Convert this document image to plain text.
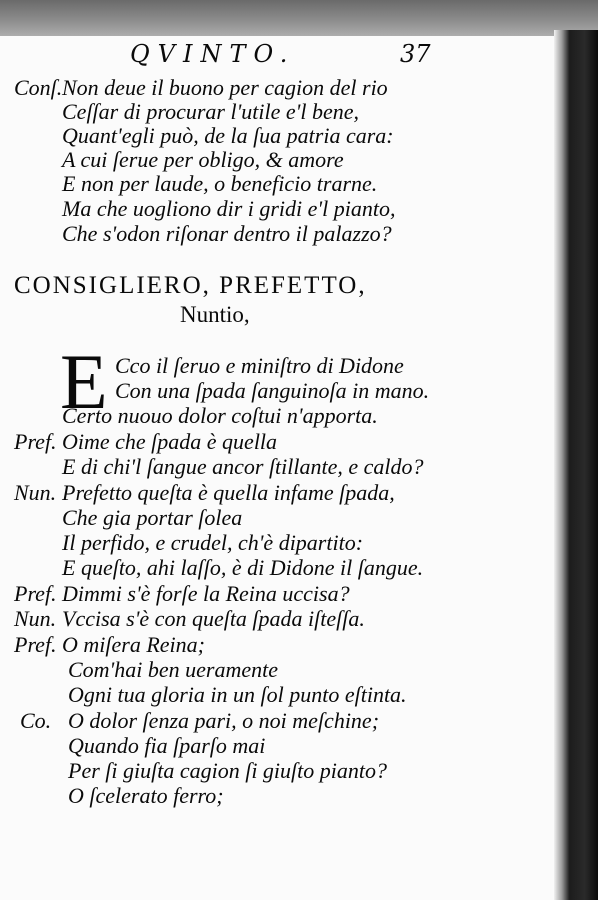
QVINTO.	37
Conſ. Non deue il buono per cagion del rio
Ceſſar di procurar l'utile e'l bene,
Quant'egli può, de la ſua patria cara:
A cui ſerue per obligo, & amore
E non per laude, o beneficio trarne.
Ma che uogliono dir i gridi e'l pianto,
Che s'odon riſonar dentro il palazzo?
CONSIGLIERO, PREFETTO,
Nuntio,
E Cco il ſeruo e miniſtro di Didone
Con una ſpada ſanguinoſa in mano.
Certo nuouo dolor coſtui n'apporta.
Pref. Oime che ſpada è quella
E di chi'l ſangue ancor ſtillante, e caldo?
Nun. Prefetto queſta è quella infame ſpada,
Che gia portar ſolea
Il perfido, e crudel, ch'è dipartito:
E queſto, ahi laſſo, è di Didone il ſangue.
Pref. Dimmi s'è forſe la Reina uccisa?
Nun. Vccisa s'è con queſta ſpada iſteſſa.
Pref. O miſera Reina;
Com'hai ben ueramente
Ogni tua gloria in un ſol punto eſtinta.
Co. O dolor ſenza pari, o noi meſchine;
Quando fia ſparſo mai
Per ſi giuſta cagion ſi giuſto pianto?
O ſcelerato ferro;
